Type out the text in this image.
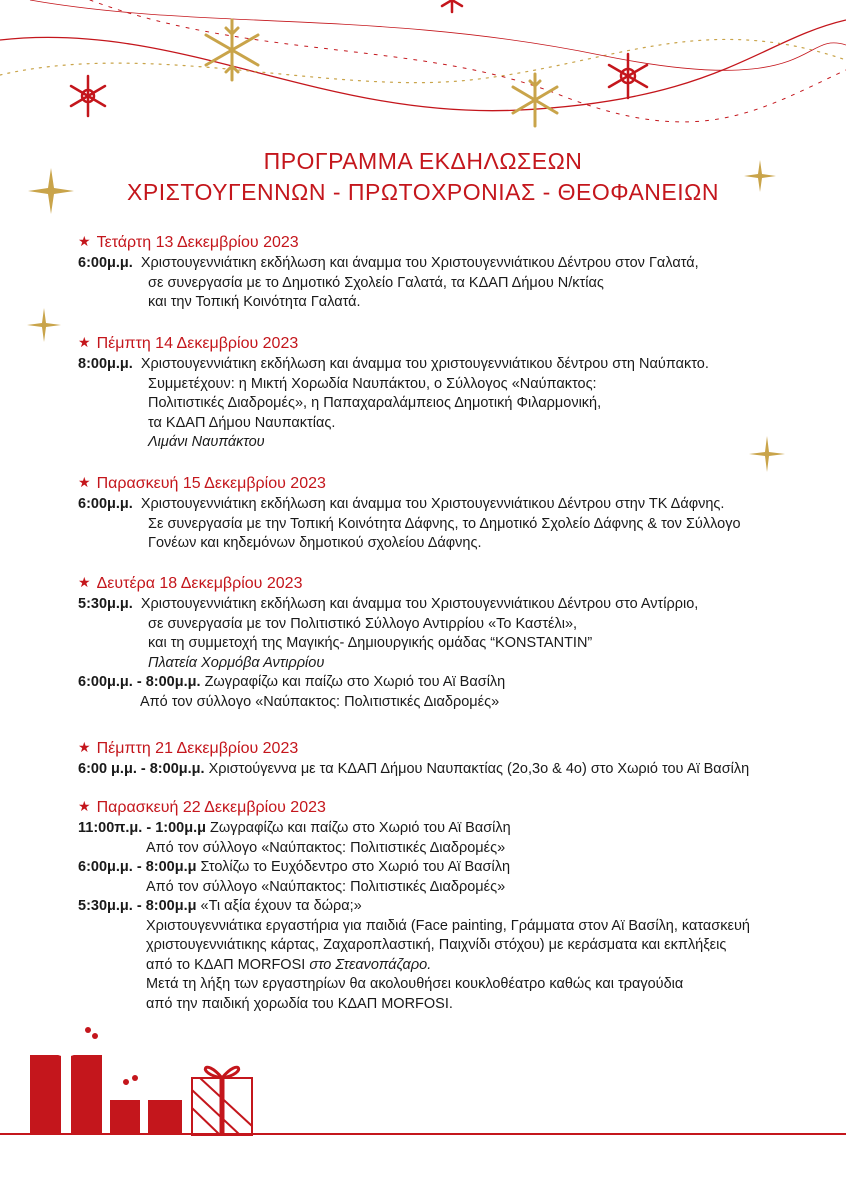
ΠΡΟΓΡΑΜΜΑ ΕΚΔΗΛΩΣΕΩΝ
ΧΡΙΣΤΟΥΓΕΝΝΩΝ - ΠΡΩΤΟΧΡΟΝΙΑΣ - ΘΕΟΦΑΝΕΙΩΝ
★ Τετάρτη 13 Δεκεμβρίου 2023
6:00μ.μ. Χριστουγεννιάτικη εκδήλωση και άναμμα του Χριστουγεννιάτικου Δέντρου στον Γαλατά,
σε συνεργασία με το Δημοτικό Σχολείο Γαλατά, τα ΚΔΑΠ Δήμου Ν/κτίας
και την Τοπική Κοινότητα Γαλατά.
★ Πέμπτη 14 Δεκεμβρίου 2023
8:00μ.μ. Χριστουγεννιάτικη εκδήλωση και άναμμα του χριστουγεννιάτικου δέντρου στη Ναύπακτο.
Συμμετέχουν: η Μικτή Χορωδία Ναυπάκτου, ο Σύλλογος «Ναύπακτος:
Πολιτιστικές Διαδρομές», η Παπαχαραλάμπειος Δημοτική Φιλαρμονική,
τα ΚΔΑΠ Δήμου Ναυπακτίας.
Λιμάνι Ναυπάκτου
★ Παρασκευή 15 Δεκεμβρίου 2023
6:00μ.μ. Χριστουγεννιάτικη εκδήλωση και άναμμα του Χριστουγεννιάτικου Δέντρου στην ΤΚ Δάφνης.
Σε συνεργασία με την Τοπική Κοινότητα Δάφνης, το Δημοτικό Σχολείο Δάφνης & τον Σύλλογο
Γονέων και κηδεμόνων δημοτικού σχολείου Δάφνης.
★ Δευτέρα 18 Δεκεμβρίου 2023
5:30μ.μ. Χριστουγεννιάτικη εκδήλωση και άναμμα του Χριστουγεννιάτικου Δέντρου στο Αντίρριο,
σε συνεργασία με τον Πολιτιστικό Σύλλογο Αντιρρίου «Το Καστέλι»,
και τη συμμετοχή της Μαγικής- Δημιουργικής ομάδας “KONSTANTIN”
Πλατεία Χορμόβα Αντιρρίου
6:00μ.μ. - 8:00μ.μ. Ζωγραφίζω και παίζω στο Χωριό του Αϊ Βασίλη
Από τον σύλλογο «Ναύπακτος: Πολιτιστικές Διαδρομές»
★ Πέμπτη 21 Δεκεμβρίου 2023
6:00 μ.μ. - 8:00μ.μ. Χριστούγεννα με τα ΚΔΑΠ Δήμου Ναυπακτίας (2ο,3ο & 4ο) στο Χωριό του Αϊ Βασίλη
★ Παρασκευή 22 Δεκεμβρίου 2023
11:00π.μ. - 1:00μ.μ Ζωγραφίζω και παίζω στο Χωριό του Αϊ Βασίλη
Από τον σύλλογο «Ναύπακτος: Πολιτιστικές Διαδρομές»
6:00μ.μ. - 8:00μ.μ Στολίζω το Ευχόδεντρο στο Χωριό του Αϊ Βασίλη
Από τον σύλλογο «Ναύπακτος: Πολιτιστικές Διαδρομές»
5:30μ.μ. - 8:00μ.μ «Τι αξία έχουν τα δώρα;»
Χριστουγεννιάτικα εργαστήρια για παιδιά (Face painting, Γράμματα στον Αϊ Βασίλη, κατασκευή
χριστουγεννιάτικης κάρτας, Ζαχαροπλαστική, Παιχνίδι στόχου) με κεράσματα και εκπλήξεις
από το ΚΔΑΠ MORFOSI στο Στεανοπάζαρο.
Μετά τη λήξη των εργαστηρίων θα ακολουθήσει κουκλοθέατρο καθώς και τραγούδια
από την παιδική χορωδία του ΚΔΑΠ MORFOSI.
